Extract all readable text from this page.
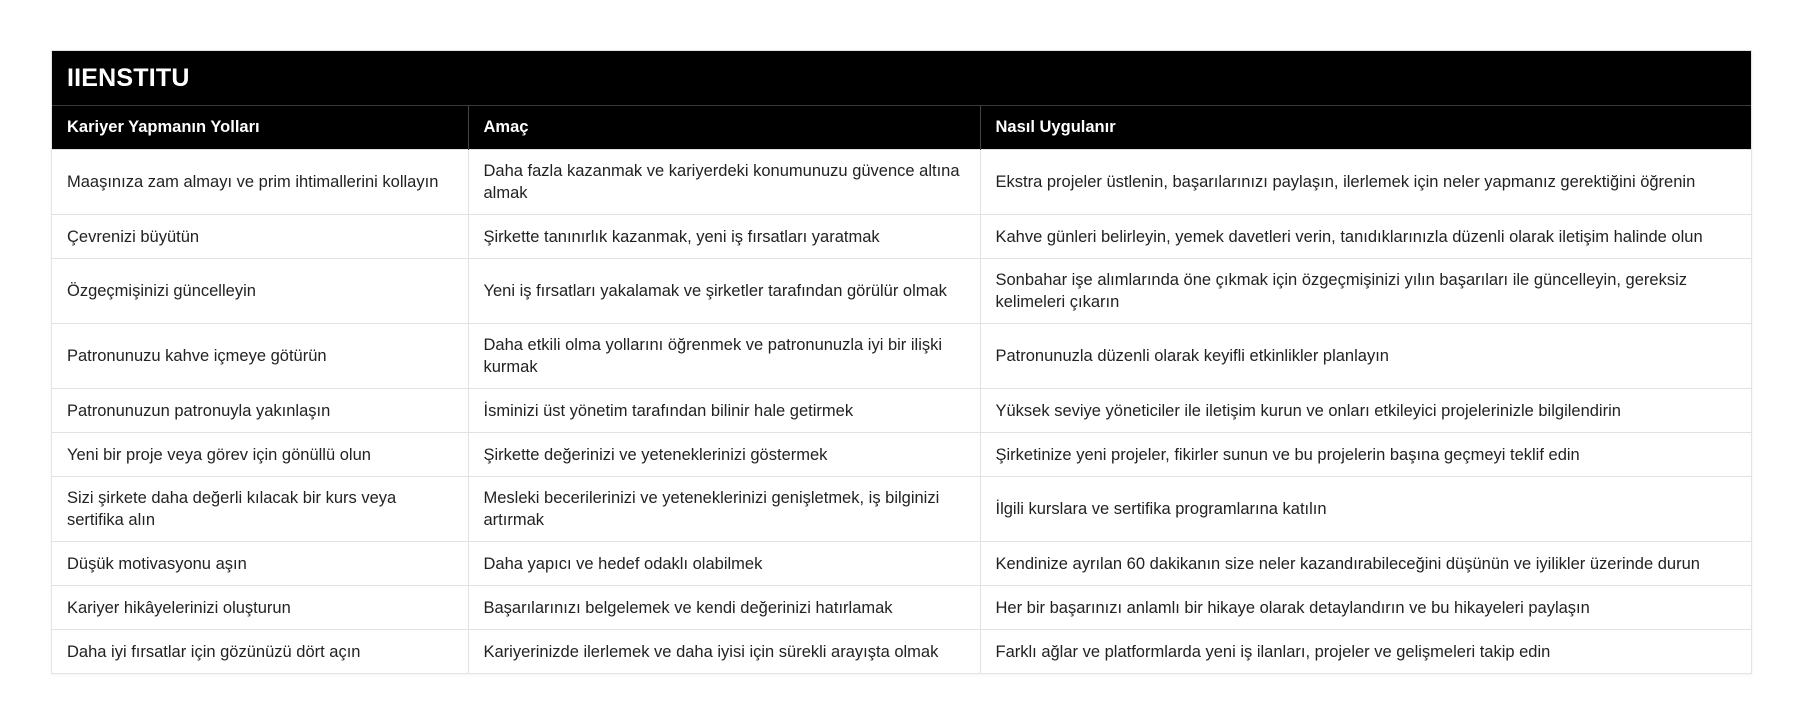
IIENSTITU
Kariyer Yapmanın Yolları	Amaç	Nasıl Uygulanır
Maaşınıza zam almayı ve prim ihtimallerini kollayın	Daha fazla kazanmak ve kariyerdeki konumunuzu güvence altına almak	Ekstra projeler üstlenin, başarılarınızı paylaşın, ilerlemek için neler yapmanız gerektiğini öğrenin
Çevrenizi büyütün	Şirkette tanınırlık kazanmak, yeni iş fırsatları yaratmak	Kahve günleri belirleyin, yemek davetleri verin, tanıdıklarınızla düzenli olarak iletişim halinde olun
Özgeçmişinizi güncelleyin	Yeni iş fırsatları yakalamak ve şirketler tarafından görülür olmak	Sonbahar işe alımlarında öne çıkmak için özgeçmişinizi yılın başarıları ile güncelleyin, gereksiz kelimeleri çıkarın
Patronunuzu kahve içmeye götürün	Daha etkili olma yollarını öğrenmek ve patronunuzla iyi bir ilişki kurmak	Patronunuzla düzenli olarak keyifli etkinlikler planlayın
Patronunuzun patronuyla yakınlaşın	İsminizi üst yönetim tarafından bilinir hale getirmek	Yüksek seviye yöneticiler ile iletişim kurun ve onları etkileyici projelerinizle bilgilendirin
Yeni bir proje veya görev için gönüllü olun	Şirkette değerinizi ve yeteneklerinizi göstermek	Şirketinize yeni projeler, fikirler sunun ve bu projelerin başına geçmeyi teklif edin
Sizi şirkete daha değerli kılacak bir kurs veya sertifika alın	Mesleki becerilerinizi ve yeteneklerinizi genişletmek, iş bilginizi artırmak	İlgili kurslara ve sertifika programlarına katılın
Düşük motivasyonu aşın	Daha yapıcı ve hedef odaklı olabilmek	Kendinize ayrılan 60 dakikanın size neler kazandırabileceğini düşünün ve iyilikler üzerinde durun
Kariyer hikâyelerinizi oluşturun	Başarılarınızı belgelemek ve kendi değerinizi hatırlamak	Her bir başarınızı anlamlı bir hikaye olarak detaylandırın ve bu hikayeleri paylaşın
Daha iyi fırsatlar için gözünüzü dört açın	Kariyerinizde ilerlemek ve daha iyisi için sürekli arayışta olmak	Farklı ağlar ve platformlarda yeni iş ilanları, projeler ve gelişmeleri takip edin
